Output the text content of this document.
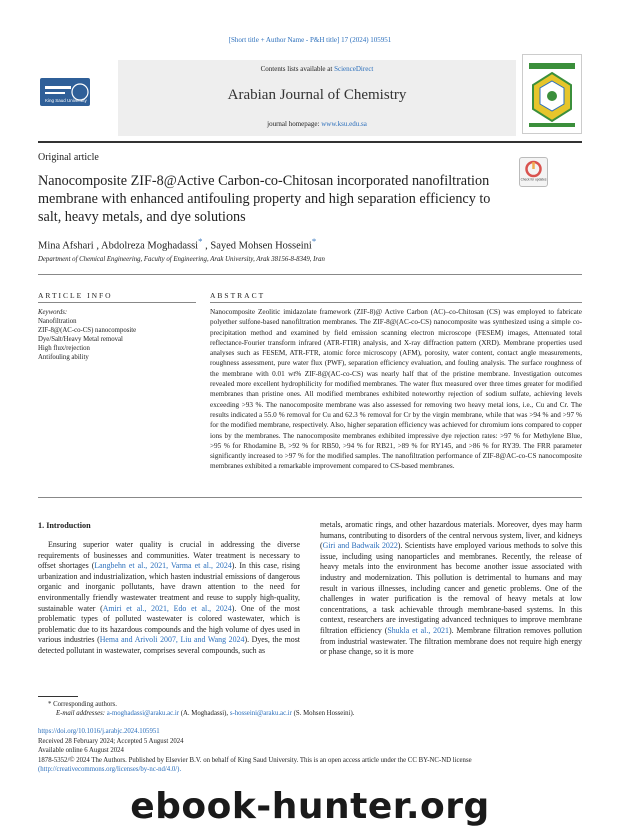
[Short title + Author Name - P&H title] 17 (2024) 105951
King Saud University
Contents lists available at ScienceDirect
Arabian Journal of Chemistry
journal homepage: www.ksu.edu.sa
Original article
Check for updates
Nanocomposite ZIF-8@Active Carbon-co-Chitosan incorporated nanofiltration membrane with enhanced antifouling property and high separation efficiency to salt, heavy metals, and dye solutions
Mina Afshari , Abdolreza Moghadassi* , Sayed Mohsen Hosseini*
Department of Chemical Engineering, Faculty of Engineering, Arak University, Arak 38156-8-8349, Iran
ARTICLE INFO
Keywords:
Nanofiltration
ZIF-8@(AC-co-CS) nanocomposite
Dye/Salt/Heavy Metal removal
High flux/rejection
Antifouling ability
ABSTRACT
Nanocomposite Zeolitic imidazolate framework (ZIF-8)@ Active Carbon (AC)–co-Chitosan (CS) was employed to fabricate polyether sulfone-based nanofiltration membranes. The ZIF-8@(AC-co-CS) nanocomposite was synthesized using a simple co-precipitation method and examined by field emission scanning electron microscope (FESEM) images, Attenuated total reflectance-Fourier transform infrared (ATR-FTIR) analysis, and X-ray diffraction pattern (XRD). Membrane properties used analyses such as FESEM, ATR-FTR, atomic force microscopy (AFM), porosity, water content, contact angle measurements, roughness assessment, pure water flux (PWF), separation efficiency evaluation, and fouling analysis. The surface roughness of the membrane with 0.01 wt% ZIF-8@(AC-co-CS) was nearly half that of the pristine membrane. Investigation outcomes revealed more excellent hydrophilicity for modified membranes. The water flux measured over three times greater for modified membranes than pristine ones. All modified membranes exhibited noteworthy rejection of sodium sulfate, achieving levels exceeding >93 %. The nanocomposite membrane was also assessed for removing two heavy metal ions, i.e., Cu and Cr. The results indicated a 55.0 % removal for Cu and 62.3 % removal for Cr by the virgin membrane, while that was >94 % and >97 % for the modified membrane, respectively. Also, higher separation efficiency was achieved for chromium ions compared to copper ions by the membranes. The nanocomposite membranes exhibited impressive dye rejection rates: >97 % for Methylene Blue, >95 % for Rhodamine B, >92 % for RB50, >94 % for RB21, >89 % for RY145, and >86 % for RY39. The FRR parameter significantly increased to >97 % for the modified samples. The nanofiltration performance of ZIF-8@AC-co-CS nanocomposite membranes exhibited a remarkable improvement compared to CS-based membranes.
1. Introduction

Ensuring superior water quality is crucial in addressing the diverse requirements of businesses and communities. Water treatment is necessary to offset shortages (Langbehn et al., 2021, Varma et al., 2024). In this case, rising urbanization and industrialization, which hasten industrial emissions of dangerous organic and inorganic pollutants, have drawn attention to the need for environmentally friendly wastewater treatment and reuse to supply high-quality, sustainable water (Amiri et al., 2021, Edo et al., 2024). One of the most problematic types of polluted wastewater is colored wastewater, which is problematic due to its hazardous compounds and the high volume of dyes used in various industries (Hema and Arivoli 2007, Liu and Wang 2024). Dyes, the most detected pollutant in wastewater, comprises several compounds, such as

metals, aromatic rings, and other hazardous materials. Moreover, dyes may harm humans, contributing to disorders of the central nervous system, liver, and kidneys (Giri and Badwaik 2022). Scientists have employed various methods to solve this issue, including using nanoparticles and membranes. Recently, the release of heavy metals into the environment has become another issue associated with industry and modernization. This pollution is detrimental to humans and may result in various illnesses, including cancer and genetic problems. One of the challenges in water purification is the removal of heavy metals at low concentrations, a task achievable through membrane-based systems. In this context, researchers are investigating advanced techniques to improve membrane filtration efficiency (Shukla et al., 2021). Membrane filtration removes pollution from industrial wastewater. The filtration membrane does not require high energy or phase change, so it is more

* Corresponding authors.
E-mail addresses: a-moghadassi@araku.ac.ir (A. Moghadassi), s-hosseini@araku.ac.ir (S. Mohsen Hosseini).
https://doi.org/10.1016/j.arabjc.2024.105951
Received 28 February 2024; Accepted 5 August 2024
Available online 6 August 2024
1878-5352/© 2024 The Authors. Published by Elsevier B.V. on behalf of King Saud University. This is an open access article under the CC BY-NC-ND license
(http://creativecommons.org/licenses/by-nc-nd/4.0/).
ebook-hunter.org
